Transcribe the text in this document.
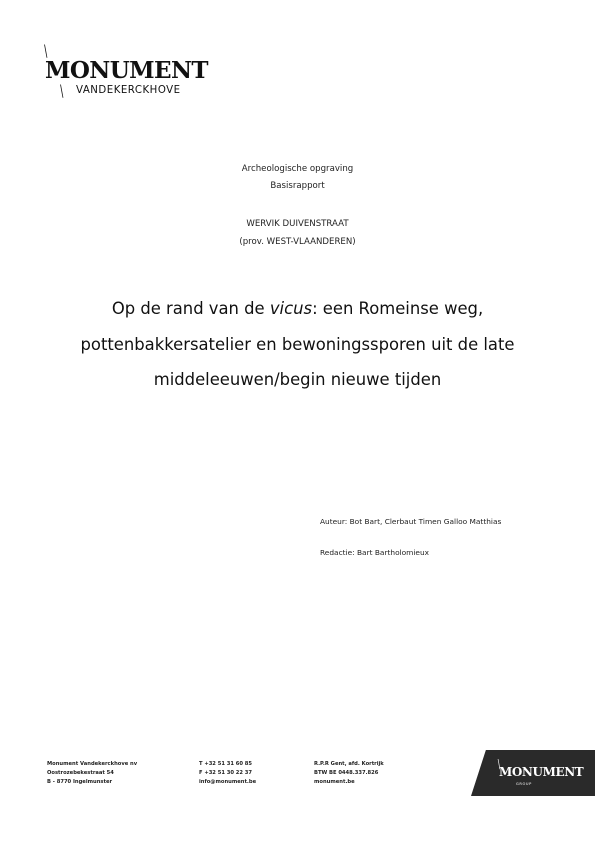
\
MONUMENT
\ VANDEKERCKHOVE
Archeologische opgraving
Basisrapport
WERVIK DUIVENSTRAAT
(prov. WEST-VLAANDEREN)
Op de rand van de vicus: een Romeinse weg,
pottenbakkersatelier en bewoningssporen uit de late
middeleeuwen/begin nieuwe tijden
Auteur: Bot Bart, Clerbaut Timen Galloo Matthias
Redactie: Bart Bartholomieux
Monument Vandekerckhove nv
Oostrozebekestraat 54
B - 8770 Ingelmunster
T +32 51 31 60 85
F +32 51 30 22 37
info@monument.be
R.P.R Gent, afd. Kortrijk
BTW BE 0448.337.826
monument.be
\
MONUMENT
GROUP
